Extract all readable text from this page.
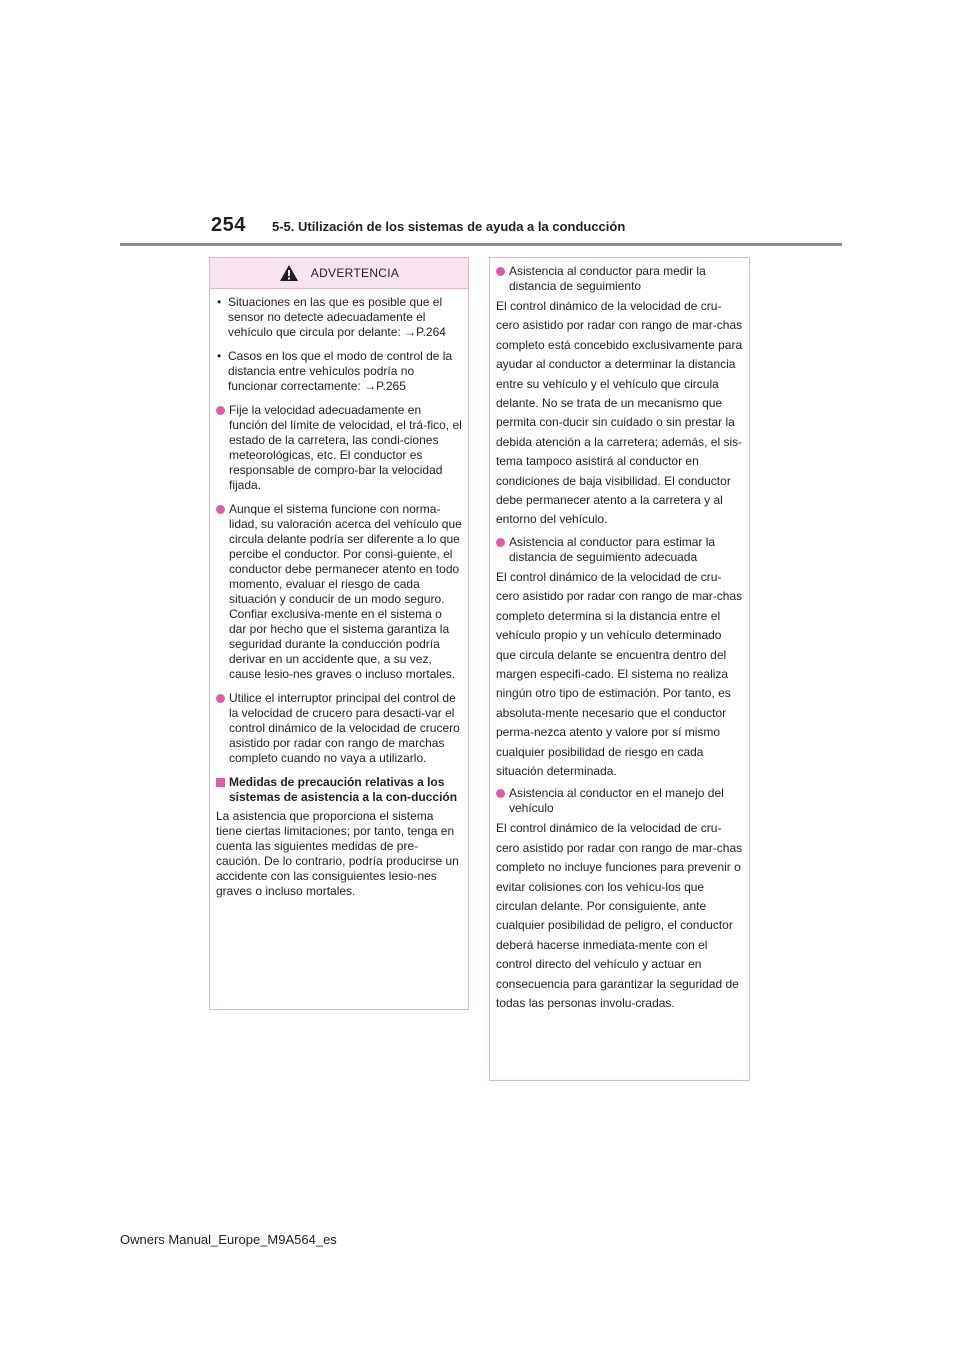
254 5-5. Utilización de los sistemas de ayuda a la conducción
ADVERTENCIA
• Situaciones en las que es posible que el sensor no detecte adecuadamente el vehículo que circula por delante: →P.264
• Casos en los que el modo de control de la distancia entre vehículos podría no funcionar correctamente: →P.265
Fije la velocidad adecuadamente en función del límite de velocidad, el trá-fico, el estado de la carretera, las condi-ciones meteorológicas, etc. El conductor es responsable de compro-bar la velocidad fijada.
Aunque el sistema funcione con norma-lidad, su valoración acerca del vehículo que circula delante podría ser diferente a lo que percibe el conductor. Por consi-guiente, el conductor debe permanecer atento en todo momento, evaluar el riesgo de cada situación y conducir de un modo seguro. Confiar exclusiva-mente en el sistema o dar por hecho que el sistema garantiza la seguridad durante la conducción podría derivar en un accidente que, a su vez, cause lesio-nes graves o incluso mortales.
Utilice el interruptor principal del control de la velocidad de crucero para desacti-var el control dinámico de la velocidad de crucero asistido por radar con rango de marchas completo cuando no vaya a utilizarlo.
Medidas de precaución relativas a los sistemas de asistencia a la con-ducción

La asistencia que proporciona el sistema tiene ciertas limitaciones; por tanto, tenga en cuenta las siguientes medidas de pre-caución. De lo contrario, podría producirse un accidente con las consiguientes lesio-nes graves o incluso mortales.

Asistencia al conductor para medir la distancia de seguimiento
El control dinámico de la velocidad de cru-cero asistido por radar con rango de mar-chas completo está concebido exclusivamente para ayudar al conductor a determinar la distancia entre su vehículo y el vehículo que circula delante. No se trata de un mecanismo que permita con-ducir sin cuidado o sin prestar la debida atención a la carretera; además, el sis-tema tampoco asistirá al conductor en condiciones de baja visibilidad. El conductor debe permanecer atento a la carretera y al entorno del vehículo.
Asistencia al conductor para estimar la distancia de seguimiento adecuada
El control dinámico de la velocidad de cru-cero asistido por radar con rango de mar-chas completo determina si la distancia entre el vehículo propio y un vehículo determinado que circula delante se encuentra dentro del margen especifi-cado. El sistema no realiza ningún otro tipo de estimación. Por tanto, es absoluta-mente necesario que el conductor perma-nezca atento y valore por sí mismo cualquier posibilidad de riesgo en cada situación determinada.
Asistencia al conductor en el manejo del vehículo
El control dinámico de la velocidad de cru-cero asistido por radar con rango de mar-chas completo no incluye funciones para prevenir o evitar colisiones con los vehícu-los que circulan delante. Por consiguiente, ante cualquier posibilidad de peligro, el conductor deberá hacerse inmediata-mente con el control directo del vehículo y actuar en consecuencia para garantizar la seguridad de todas las personas involu-cradas.
Owners Manual_Europe_M9A564_es
